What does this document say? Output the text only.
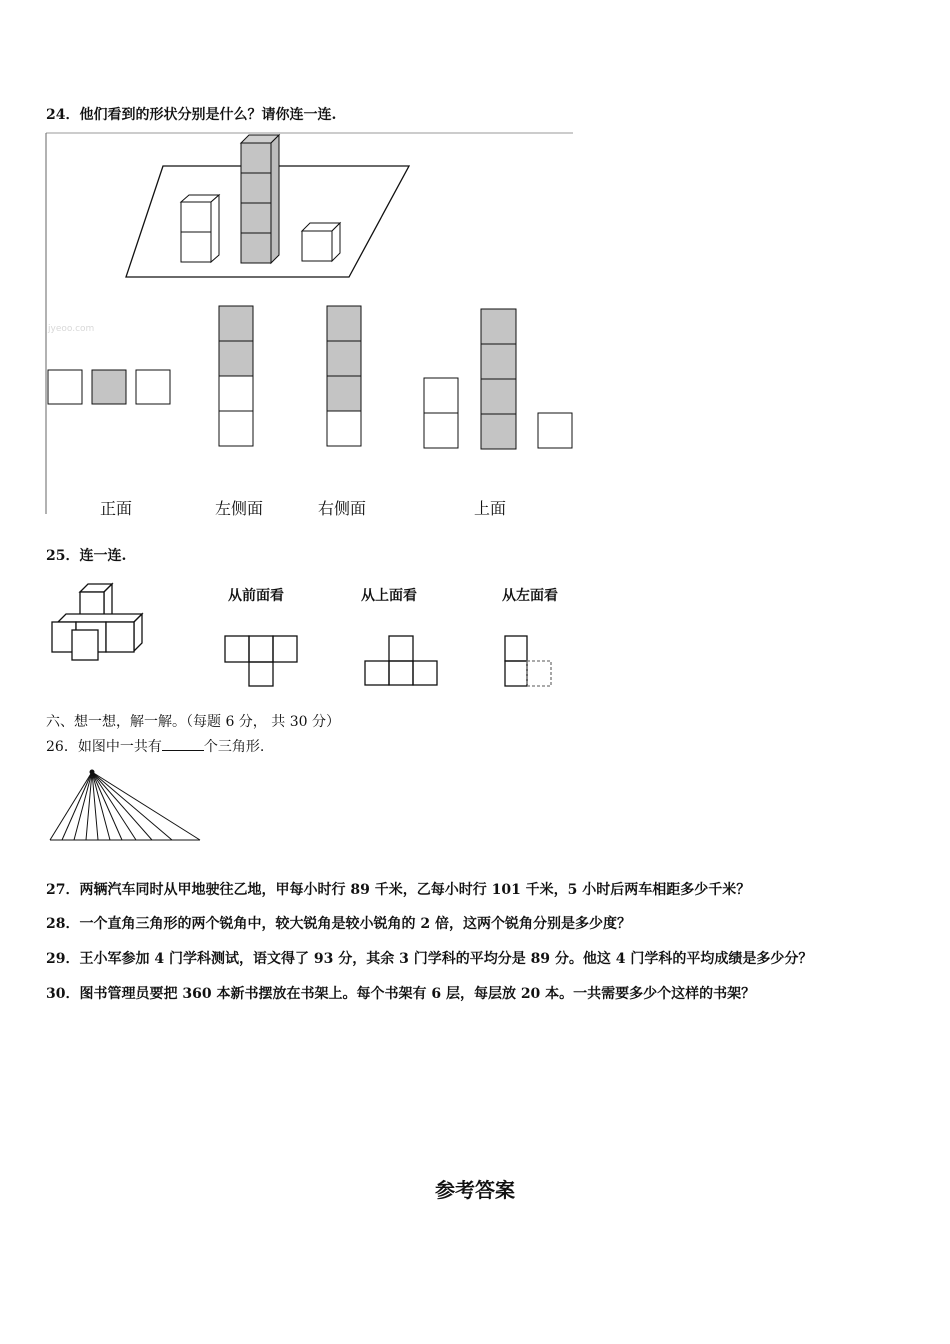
24．他们看到的形状分别是什么？请你连一连.
jyeoo.com
正面	左侧面	右侧面	上面
25．连一连.
从前面看	从上面看	从左面看
六、想一想，解一解。（每题 6 分， 共 30 分）
26．如图中一共有	个三角形.
27．两辆汽车同时从甲地驶往乙地，甲每小时行 89 千米，乙每小时行 101 千米，5 小时后两车相距多少千米？
28．一个直角三角形的两个锐角中，较大锐角是较小锐角的 2 倍，这两个锐角分别是多少度？
29．王小军参加 4 门学科测试，语文得了 93 分，其余 3 门学科的平均分是 89 分。他这 4 门学科的平均成绩是多少分？
30．图书管理员要把 360 本新书摆放在书架上。每个书架有 6 层，每层放 20 本。一共需要多少个这样的书架？
参考答案
